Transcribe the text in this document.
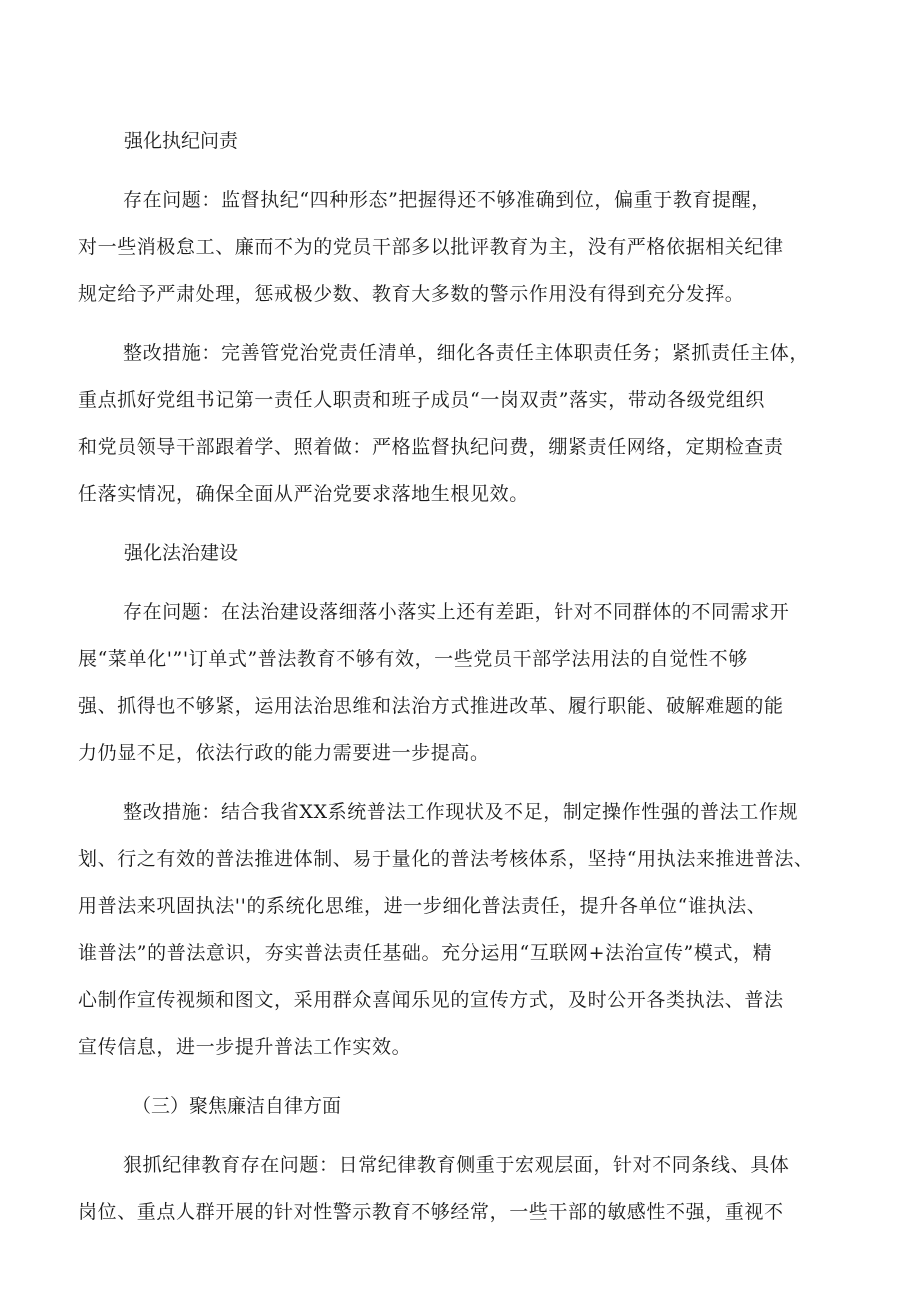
强化执纪问责

存在问题：监督执纪“四种形态”把握得还不够准确到位，偏重于教育提醒，
对一些消极怠工、廉而不为的党员干部多以批评教育为主，没有严格依据相关纪律
规定给予严肃处理，惩戒极少数、教育大多数的警示作用没有得到充分发挥。

整改措施：完善管党治党责任清单，细化各责任主体职责任务；紧抓责任主体，
重点抓好党组书记第一责任人职责和班子成员“一岗双责”落实，带动各级党组织
和党员领导干部跟着学、照着做：严格监督执纪问费，绷紧责任网络，定期检查责
任落实情况，确保全面从严治党要求落地生根见效。

强化法治建设

存在问题：在法治建设落细落小落实上还有差距，针对不同群体的不同需求开
展“菜单化'”'订单式”普法教育不够有效，一些党员干部学法用法的自觉性不够
强、抓得也不够紧，运用法治思维和法治方式推进改革、履行职能、破解难题的能
力仍显不足，依法行政的能力需要进一步提高。

整改措施：结合我省XX系统普法工作现状及不足，制定操作性强的普法工作规
划、行之有效的普法推进体制、易于量化的普法考核体系，坚持“用执法来推进普法、
用普法来巩固执法''的系统化思维，进一步细化普法责任，提升各单位“谁执法、
谁普法”的普法意识，夯实普法责任基础。充分运用“互联网+法治宣传”模式，精
心制作宣传视频和图文，采用群众喜闻乐见的宣传方式，及时公开各类执法、普法
宣传信息，进一步提升普法工作实效。

（三）聚焦廉洁自律方面

狠抓纪律教育存在问题：日常纪律教育侧重于宏观层面，针对不同条线、具体
岗位、重点人群开展的针对性警示教育不够经常，一些干部的敏感性不强，重视不
